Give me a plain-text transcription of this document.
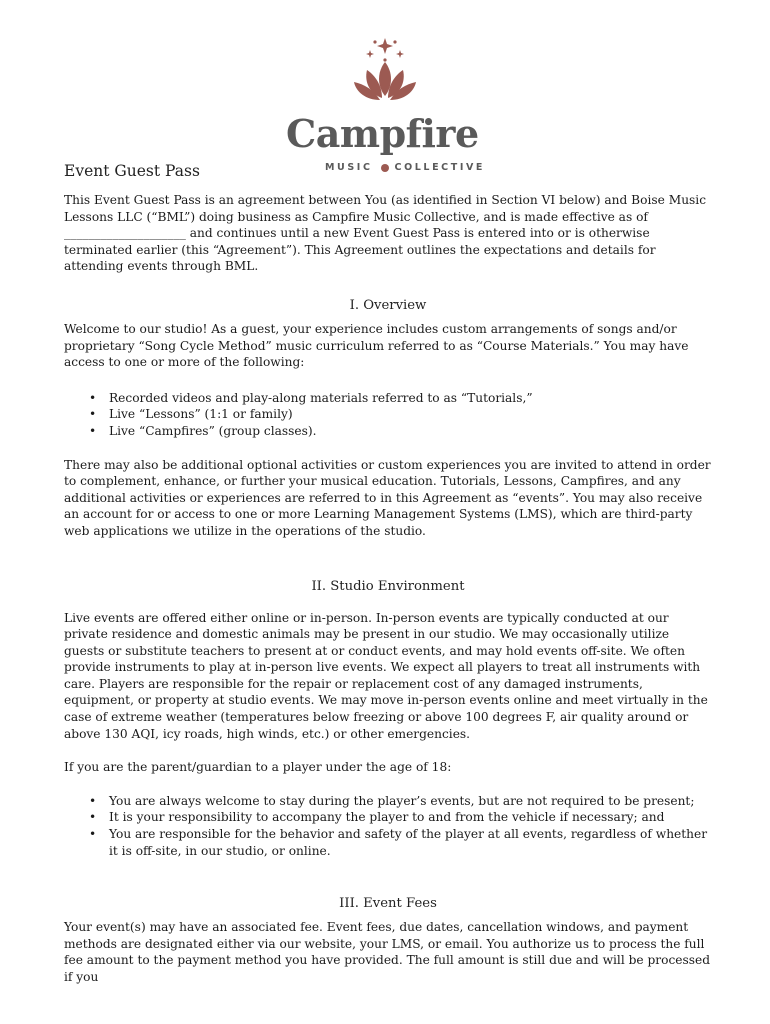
Campfire

MUSIC COLLECTIVE

Event Guest Pass

This Event Guest Pass is an agreement between You (as identified in Section VI below) and Boise Music Lessons LLC (“BML”) doing business as Campfire Music Collective, and is made effective as of ____________________ and continues until a new Event Guest Pass is entered into or is otherwise terminated earlier (this “Agreement”). This Agreement outlines the expectations and details for attending events through BML.

I. Overview

Welcome to our studio! As a guest, your experience includes custom arrangements of songs and/or proprietary “Song Cycle Method” music curriculum referred to as “Course Materials.” You may have access to one or more of the following:

• Recorded videos and play-along materials referred to as “Tutorials,”
• Live “Lessons” (1:1 or family)
• Live “Campfires” (group classes).

There may also be additional optional activities or custom experiences you are invited to attend in order to complement, enhance, or further your musical education. Tutorials, Lessons, Campfires, and any additional activities or experiences are referred to in this Agreement as “events”. You may also receive an account for or access to one or more Learning Management Systems (LMS), which are third-party web applications we utilize in the operations of the studio.

II. Studio Environment

Live events are offered either online or in-person. In-person events are typically conducted at our private residence and domestic animals may be present in our studio. We may occasionally utilize guests or substitute teachers to present at or conduct events, and may hold events off-site. We often provide instruments to play at in-person live events. We expect all players to treat all instruments with care. Players are responsible for the repair or replacement cost of any damaged instruments, equipment, or property at studio events. We may move in-person events online and meet virtually in the case of extreme weather (temperatures below freezing or above 100 degrees F, air quality around or above 130 AQI, icy roads, high winds, etc.) or other emergencies.

If you are the parent/guardian to a player under the age of 18:

• You are always welcome to stay during the player’s events, but are not required to be present;
• It is your responsibility to accompany the player to and from the vehicle if necessary; and
• You are responsible for the behavior and safety of the player at all events, regardless of whether it is off-site, in our studio, or online.
III. Event Fees

Your event(s) may have an associated fee. Event fees, due dates, cancellation windows, and payment methods are designated either via our website, your LMS, or email. You authorize us to process the full fee amount to the payment method you have provided. The full amount is still due and will be processed if you
